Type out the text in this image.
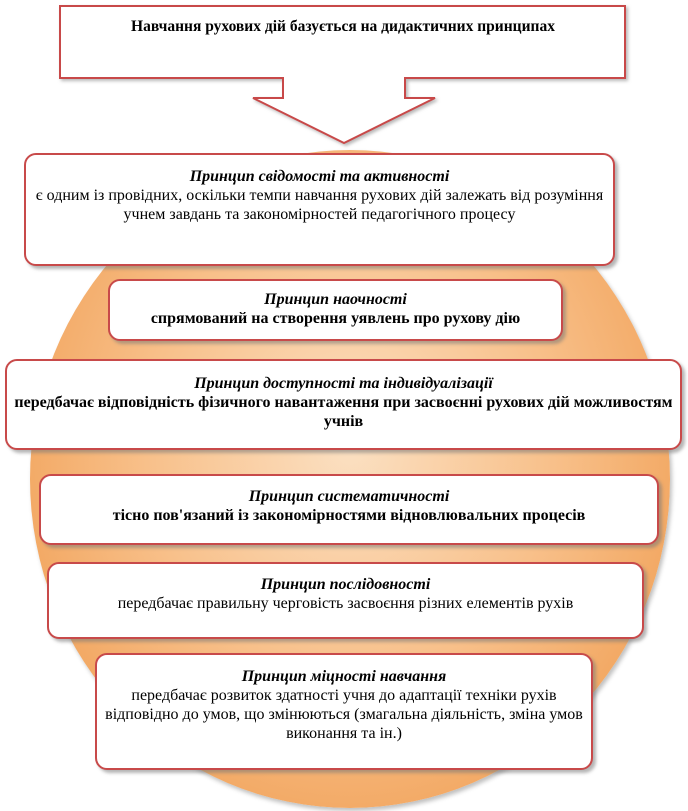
Навчання рухових дій базується на дидактичних принципах
Принцип свідомості та активності
є одним із провідних, оскільки темпи навчання рухових дій залежать від розуміння учнем завдань та закономірностей педагогічного процесу
Принцип наочності
спрямований на створення уявлень про рухову дію
Принцип доступності та індивідуалізації
передбачає відповідність фізичного навантаження при засвоєнні рухових дій можливостям учнів
Принцип систематичності
тісно пов'язаний із закономірностями відновлювальних процесів
Принцип послідовності
передбачає правильну черговість засвоєння різних елементів рухів
Принцип міцності навчання
передбачає розвиток здатності учня до адаптації техніки рухів відповідно до умов, що змінюються (змагальна діяльність, зміна умов виконання та ін.)
